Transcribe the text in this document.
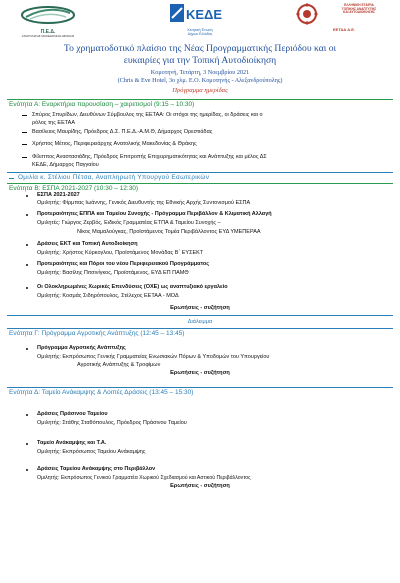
Π.Ε.Δ.
ΑΝΑΤΟΛΙΚΗΣ ΜΑΚΕΔΟΝΙΑΣ-ΘΡΑΚΗΣ
ΚΕΔΕ
Κεντρική Ένωση
Δήμων Ελλάδας
ΕΛΛΗΝΙΚΗ ΕΤΑΙΡΙΑ
ΤΟΠΙΚΗΣ ΑΝΑΠΤΥΞΗΣ
ΚΑΙ ΑΥΤΟΔΙΟΙΚΗΣΗΣ
ΕΕΤΑΑ Α.Ε.
Το χρηματοδοτικό πλαίσιο της Νέας Προγραμματικής Περιόδου και οι
ευκαιρίες για την Τοπική Αυτοδιοίκηση
Κομοτηνή, Τετάρτη, 3 Νοεμβρίου 2021
(Chris & Eve Hotel, 3ο χλμ. Ε.Ο. Κομοτηνής - Αλεξανδρούπολης)
Πρόγραμμα ημερίδας
Ενότητα Α: Εναρκτήρια παρουσίαση – χαιρετισμοί (9:15 – 10:30)
Σπύρος Σπυρίδων, Διευθύνων Σύμβουλος της ΕΕΤΑΑ: Οι στόχοι της ημερίδας, οι δράσεις και ο
ρόλος της ΕΕΤΑΑ
Βασίλειος Μαυρίδης, Πρόεδρος Δ.Σ. Π.Ε.Δ.-Α.Μ.Θ, Δήμαρχος Ορεστιάδας
Χρήστος Μέτιος, Περιφερειάρχης Ανατολικής Μακεδονίας & Θράκης
Φίλιππος Αναστασιάδης, Πρόεδρος Επιτροπής Επιχειρηματικότητας και Ανάπτυξης και μέλος ΔΣ
ΚΕΔΕ, Δήμαρχος Παγγαίου
Ομιλία κ. Στέλιου Πέτσα, Αναπληρωτή Υπουργού Εσωτερικών
Ενότητα Β: ΕΣΠΑ 2021-2027 (10:30 – 12:30)
ΕΣΠΑ 2021-2027
Ομιλητής: Φίρμπας Ιωάννης, Γενικός Διευθυντής της Εθνικής Αρχής Συντονισμού ΕΣΠΑ
Προτεραιότητες ΕΠΠΑ και Ταμείου Συνοχής - Πρόγραμμα Περιβάλλον & Κλιματική Αλλαγή
Ομιλητές: Γιώργος Ζερβός, Ειδικός Γραμματέας ΕΤΠΑ & Ταμείου Συνοχής –
Νίκος Μαμαλούγκας, Προϊστάμενος Τομέα Περιβάλλοντος ΕΥΔ ΥΜΕΠΕΡΑΑ
Δράσεις ΕΚΤ και Τοπική Αυτοδιοίκηση
Ομιλητής: Χρήστος Κύρκογλου, Προϊστάμενος Μονάδας Β΄ ΕΥΣΕΚΤ
Προτεραιότητες και Πόροι του νέου Περιφερειακού Προγράμματος
Ομιλητής: Βασίλης Πιτσινίγκος, Προϊστάμενος, ΕΥΔ ΕΠ ΠΑΜΘ
Οι Ολοκληρωμένες Χωρικές Επενδύσεις (ΟΧΕ) ως αναπτυξιακό εργαλείο
Ομιλητής: Κοσμάς Σιδηρόπουλος, Στέλεχος ΕΕΤΑΑ - ΜΟΔ
Ερωτήσεις - συζήτηση
Διάλειμμα
Ενότητα Γ: Πρόγραμμα Αγροτικής Ανάπτυξης (12:45 – 13:45)
Πρόγραμμα Αγροτικής Ανάπτυξης
Ομιλητής: Εκπρόσωπος Γενικής Γραμματείας Ενωσιακών Πόρων & Υποδομών του Υπουργείου
Αγροτικής Ανάπτυξης & Τροφίμων
Ερωτήσεις - συζήτηση
Ενότητα Δ: Ταμείο Ανάκαμψης & Λοιπές Δράσεις (13:45 – 15:30)
Δράσεις Πράσινου Ταμείου
Ομιλητής: Στάθης Σταθόπουλος, Πρόεδρος Πράσινου Ταμείου
Ταμείο Ανάκαμψης και Τ.Α.
Ομιλητής: Εκπρόσωπος Ταμείου Ανάκαμψης
Δράσεις Ταμείου Ανάκαμψης στο Περιβάλλον
Ομιλητής: Εκπρόσωπος Γενικού Γραμματέα Χωρικού Σχεδιασμού και Αστικού Περιβάλλοντος
Ερωτήσεις - συζήτηση
